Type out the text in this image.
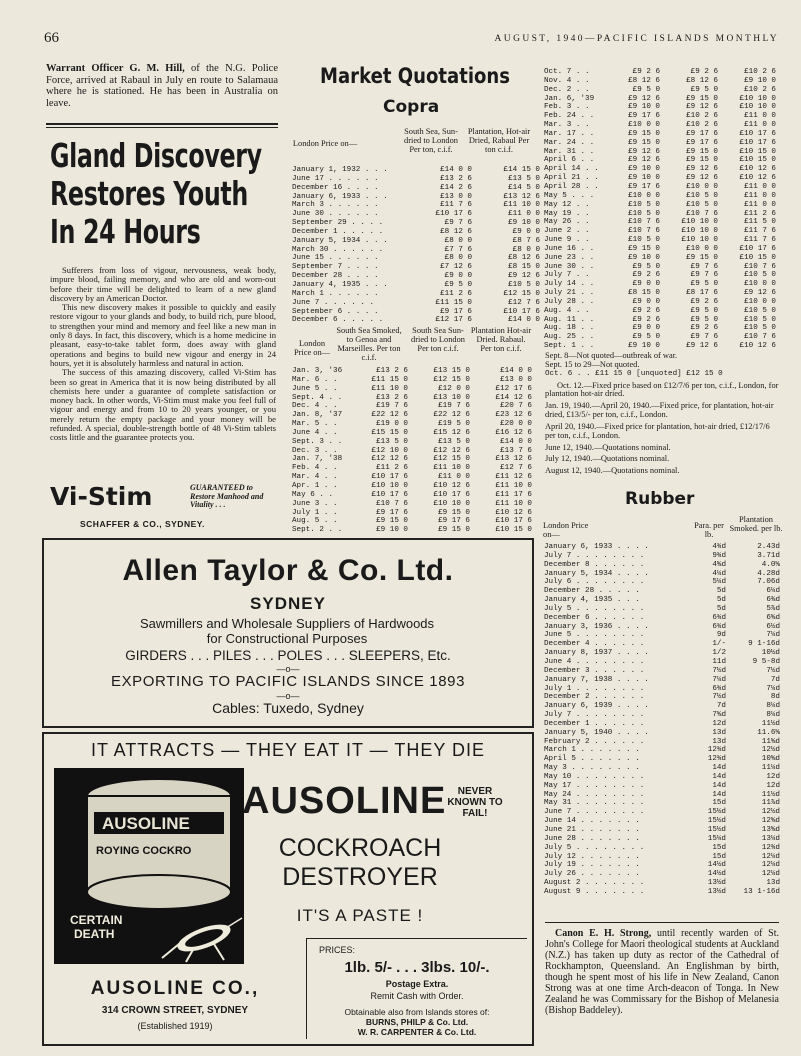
66	AUGUST, 1940—PACIFIC ISLANDS MONTHLY
Warrant Officer G. M. Hill, of the N.G. Police Force, arrived at Rabaul in July en route to Salamaua where he is stationed. He has been in Australia on leave.
Gland Discovery
Restores Youth
In 24 Hours

Sufferers from loss of vigour, nervousness, weak body, impure blood, failing memory, and who are old and worn-out before their time will be delighted to learn of a new gland discovery by an American Doctor.

This new discovery makes it possible to quickly and easily restore vigour to your glands and body, to build rich, pure blood, to strengthen your mind and memory and feel like a new man in only 8 days. In fact, this discovery, which is a home medicine in pleasant, easy-to-take tablet form, does away with gland operations and begins to build new vigour and energy in 24 hours, yet it is absolutely harmless and natural in action.

The success of this amazing discovery, called Vi-Stim has been so great in America that it is now being distributed by all chemists here under a guarantee of complete satisfaction or money back. In other words, Vi-Stim must make you feel full of vigour and energy and from 10 to 20 years younger, or you merely return the empty package and your money will be refunded. A special, double-strength bottle of 48 Vi-Stim tablets costs little and the guarantee protects you.

Vi-Stim	GUARANTEED to Restore Manhood and Vitality . . .
SCHAFFER & CO., SYDNEY.
Market Quotations
Copra
London Price on—
South Sea, Sun-dried to London Per ton, c.i.f.
Plantation, Hot-air Dried, Rabaul Per ton c.i.f.
January 1, 1932 . . .	£14 0 0	£14 15 0
June 17 . . . . . .	£13 2 6	£13 5 0
December 16 . . . .	£14 2 6	£14 5 0
January 6, 1933 . . .	£13 0 0	£13 12 6
March 3 . . . . . .	£11 7 6	£11 10 0
June 30 . . . . . .	£10 17 6	£11 0 0
September 29 . . . .	£9 7 6	£9 10 0
December 1 . . . . .	£8 12 6	£9 0 0
January 5, 1934 . . .	£8 0 0	£8 7 6
March 30 . . . . . .	£7 7 6	£8 0 0
June 15 . . . . . .	£8 0 0	£8 12 6
September 7 . . . .	£7 12 6	£8 15 0
December 28 . . . .	£9 0 0	£9 12 6
January 4, 1935 . . .	£9 5 0	£10 5 0
March 1 . . . . . .	£11 2 6	£12 15 0
June 7 . . . . . .	£11 15 0	£12 7 6
September 6 . . . .	£9 17 6	£10 17 6
December 6 . . . . .	£12 17 6	£14 0 0
London Price on—
South Sea Smoked, to Genoa and Marseilles. Per ton c.i.f.
South Sea Sun-dried to London Per ton c.i.f.
Plantation Hot-air Dried. Rabaul. Per ton c.i.f.
Jan. 3, '36	£13 2 6	£13 15 0	£14 0 0
Mar. 6 . .	£11 15 0	£12 15 0	£13 0 0
June 5 . .	£11 10 0	£12 0 0	£12 17 6
Sept. 4 . .	£13 2 6	£13 10 0	£14 12 6
Dec. 4 . .	£19 7 6	£19 7 6	£20 7 6
Jan. 8, '37	£22 12 6	£22 12 6	£23 12 6
Mar. 5 . .	£19 0 0	£19 5 0	£20 0 0
June 4 . .	£15 15 0	£15 12 6	£16 12 6
Sept. 3 . .	£13 5 0	£13 5 0	£14 0 0
Dec. 3 . .	£12 10 0	£12 12 6	£13 7 6
Jan. 7, '38	£12 12 6	£12 15 0	£13 12 6
Feb. 4 . .	£11 2 6	£11 10 0	£12 7 6
Mar. 4 . .	£10 17 6	£11 0 0	£11 12 6
Apr. 1 . .	£10 10 0	£10 12 6	£11 10 0
May 6 . .	£10 17 6	£10 17 6	£11 17 6
June 3 . .	£10 7 6	£10 10 0	£11 10 0
July 1 . .	£9 17 6	£9 15 0	£10 12 6
Aug. 5 . .	£9 15 0	£9 17 6	£10 17 6
Sept. 2 . .	£9 10 0	£9 15 0	£10 15 0
Oct. 7 . .	£9 2 6	£9 2 6	£10 2 6
Nov. 4 . .	£8 12 6	£8 12 6	£9 10 0
Dec. 2 . .	£9 5 0	£9 5 0	£10 2 6
Jan. 6, '39	£9 12 6	£9 15 0	£10 10 0
Feb. 3 . .	£9 10 0	£9 12 6	£10 10 0
Feb. 24 . .	£9 17 6	£10 2 6	£11 0 0
Mar. 3 . .	£10 0 0	£10 2 6	£11 0 0
Mar. 17 . .	£9 15 0	£9 17 6	£10 17 6
Mar. 24 . .	£9 15 0	£9 17 6	£10 17 6
Mar. 31 . .	£9 12 6	£9 15 0	£10 15 0
April 6 . .	£9 12 6	£9 15 0	£10 15 0
April 14 . .	£9 10 0	£9 12 6	£10 12 6
April 21 . .	£9 10 0	£9 12 6	£10 12 6
April 28 . .	£9 17 6	£10 0 0	£11 0 0
May 5 . . .	£10 0 0	£10 5 0	£11 0 0
May 12 . .	£10 5 0	£10 5 0	£11 0 0
May 19 . .	£10 5 0	£10 7 6	£11 2 6
May 26 . .	£10 7 6	£10 10 0	£11 5 0
June 2 . .	£10 7 6	£10 10 0	£11 7 6
June 9 . .	£10 5 0	£10 10 0	£11 7 6
June 16 . .	£9 15 0	£10 0 0	£10 17 6
June 23 . .	£9 10 0	£9 15 0	£10 15 0
June 30 . .	£9 5 0	£9 7 6	£10 7 6
July 7 . .	£9 2 6	£9 7 6	£10 5 0
July 14 . .	£9 0 0	£9 5 0	£10 0 0
July 21 . .	£8 15 0	£8 17 6	£9 12 6
July 28 . .	£9 0 0	£9 2 6	£10 0 0
Aug. 4 . .	£9 2 6	£9 5 0	£10 5 0
Aug. 11 . .	£9 2 6	£9 5 0	£10 5 0
Aug. 18 . .	£9 0 0	£9 2 6	£10 5 0
Aug. 25 . .	£9 5 0	£9 7 6	£10 7 6
Sept. 1 . .	£9 10 0	£9 12 6	£10 12 6
Sept. 8—Not quoted—outbreak of war.
Sept. 15 to 29—Not quoted.
Oct. 6 . . £11 15 0 [unquoted] £12 15 0
Oct. 12.—Fixed price based on £12/7/6 per ton, c.i.f., London, for plantation hot-air dried.
Jan. 19, 1940.—April 20, 1940.—Fixed price, for plantation, hot-air dried, £13/5/- per ton, c.i.f., London.
April 20, 1940.—Fixed price for plantation, hot-air dried, £12/17/6 per ton, c.i.f., London.
June 12, 1940.—Quotations nominal.
July 12, 1940.—Quotations nominal.
August 12, 1940.—Quotations nominal.
Rubber
London Price on—
Para. per lb.
Plantation Smoked. per lb.
January 6, 1933 . . . .	4¾d	2.43d
July 7 . . . . . . . .	9¾d	3.71d
December 8 . . . . . .	4⅝d	4.0⅝
January 5, 1934 . . . .	4¼d	4.28d
July 6 . . . . . . . .	5¼d	7.06d
December 28 . . . . .	5d	6¼d
January 4, 1935 . . .	5d	6⅜d
July 5 . . . . . . . .	5d	5⅞d
December 6 . . . . . .	6¾d	6⅝d
January 3, 1936 . . . .	6¾d	6½d
June 5 . . . . . . . .	9d	7¼d
December 4 . . . . . .	1/-	9 1-16d
January 8, 1937 . . . .	1/2	10½d
June 4 . . . . . . . .	11d	9 5-8d
December 3 . . . . . .	7½d	7½d
January 7, 1938 . . . .	7¼d	7d
July 1 . . . . . . . .	6¾d	7¼d
December 2 . . . . . .	7½d	8d
January 6, 1939 . . . .	7d	8¼d
July 7 . . . . . . . .	7⅝d	8¼d
December 1 . . . . . .	12d	11½d
January 5, 1940 . . . .	13d	11.6⅝
February 2 . . . . . .	13d	11⅝d
March 1 . . . . . . .	12¾d	12½d
April 5 . . . . . . .	12¾d	10⅝d
May 3 . . . . . . . .	14d	11¼d
May 10 . . . . . . . .	14d	12d
May 17 . . . . . . . .	14d	12d
May 24 . . . . . . . .	14d	11½d
May 31 . . . . . . . .	15d	11⅞d
June 7 . . . . . . . .	15½d	12½d
June 14 . . . . . . .	15½d	12⅝d
June 21 . . . . . . .	15½d	13⅝d
June 28 . . . . . . .	15¼d	13¼d
July 5 . . . . . . . .	15d	12¾d
July 12 . . . . . . .	15d	12¼d
July 19 . . . . . . .	14½d	12¼d
July 26 . . . . . . .	14½d	12¼d
August 2 . . . . . . .	13½d	13d
August 9 . . . . . . .	13½d	13 1-16d
Canon E. H. Strong, until recently warden of St. John's College for Maori theological students at Auckland (N.Z.) has taken up duty as rector of the Cathedral of Rockhampton, Queensland. An Englishman by birth, though he spent most of his life in New Zealand, Canon Strong was at one time Arch-deacon of Tonga. In New Zealand he was Commissary for the Bishop of Melanesia (Bishop Baddeley).
Allen Taylor & Co. Ltd.
SYDNEY
Sawmillers and Wholesale Suppliers of Hardwoods for Constructional Purposes
GIRDERS . . . PILES . . . POLES . . . SLEEPERS, Etc.
—o—
EXPORTING TO PACIFIC ISLANDS SINCE 1893
—o—
Cables: Tuxedo, Sydney
IT ATTRACTS — THEY EAT IT — THEY DIE
AUSOLINE
ROYING COCKRO
CERTAIN DEATH
AUSOLINE	NEVER KNOWN TO FAIL!
COCKROACH DESTROYER
IT'S A PASTE !
PRICES:
1lb. 5/- . . . 3lbs. 10/-.
Postage Extra.
Remit Cash with Order.
Obtainable also from Islands stores of:
BURNS, PHILP & Co. Ltd.
W. R. CARPENTER & Co. Ltd.
AUSOLINE CO.,
314 CROWN STREET, SYDNEY
(Established 1919)
